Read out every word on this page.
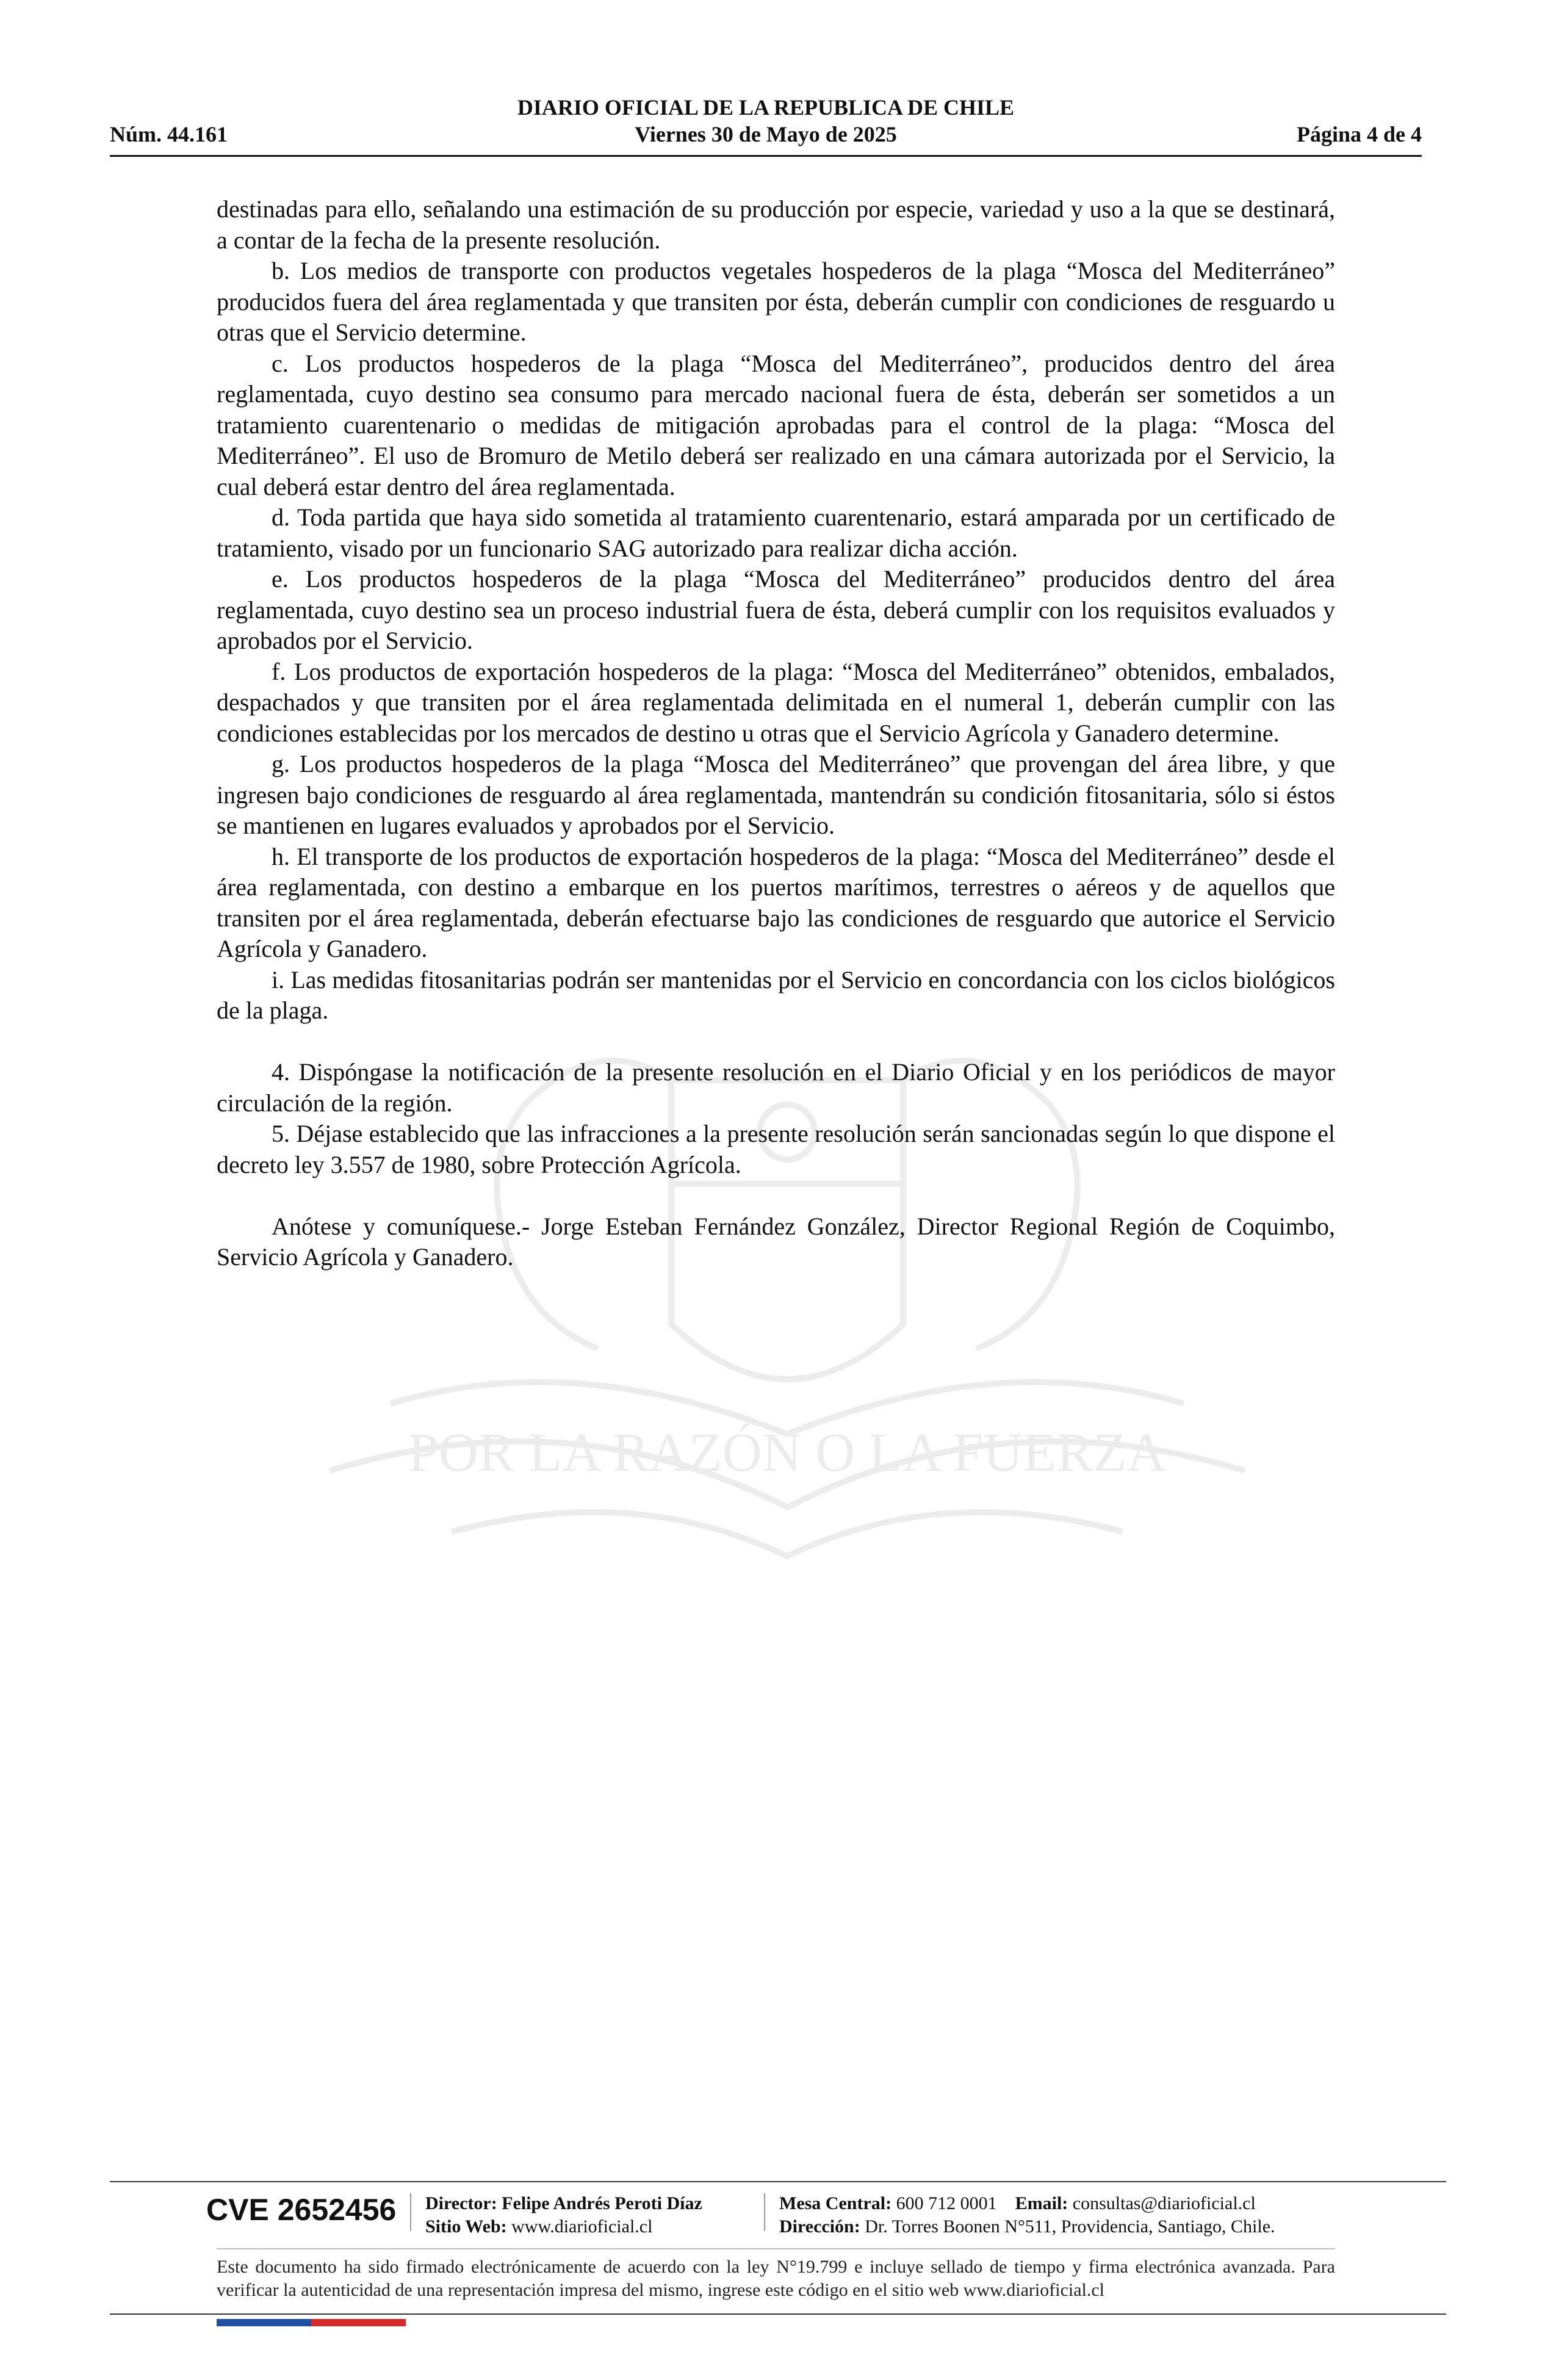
POR LA RAZÓN O LA FUERZA
DIARIO OFICIAL DE LA REPUBLICA DE CHILE
Núm. 44.161	Viernes 30 de Mayo de 2025	Página 4 de 4

destinadas para ello, señalando una estimación de su producción por especie, variedad y uso a la que se destinará, a contar de la fecha de la presente resolución.

b. Los medios de transporte con productos vegetales hospederos de la plaga “Mosca del Mediterráneo” producidos fuera del área reglamentada y que transiten por ésta, deberán cumplir con condiciones de resguardo u otras que el Servicio determine.

c. Los productos hospederos de la plaga “Mosca del Mediterráneo”, producidos dentro del área reglamentada, cuyo destino sea consumo para mercado nacional fuera de ésta, deberán ser sometidos a un tratamiento cuarentenario o medidas de mitigación aprobadas para el control de la plaga: “Mosca del Mediterráneo”. El uso de Bromuro de Metilo deberá ser realizado en una cámara autorizada por el Servicio, la cual deberá estar dentro del área reglamentada.

d. Toda partida que haya sido sometida al tratamiento cuarentenario, estará amparada por un certificado de tratamiento, visado por un funcionario SAG autorizado para realizar dicha acción.

e. Los productos hospederos de la plaga “Mosca del Mediterráneo” producidos dentro del área reglamentada, cuyo destino sea un proceso industrial fuera de ésta, deberá cumplir con los requisitos evaluados y aprobados por el Servicio.

f. Los productos de exportación hospederos de la plaga: “Mosca del Mediterráneo” obtenidos, embalados, despachados y que transiten por el área reglamentada delimitada en el numeral 1, deberán cumplir con las condiciones establecidas por los mercados de destino u otras que el Servicio Agrícola y Ganadero determine.

g. Los productos hospederos de la plaga “Mosca del Mediterráneo” que provengan del área libre, y que ingresen bajo condiciones de resguardo al área reglamentada, mantendrán su condición fitosanitaria, sólo si éstos se mantienen en lugares evaluados y aprobados por el Servicio.

h. El transporte de los productos de exportación hospederos de la plaga: “Mosca del Mediterráneo” desde el área reglamentada, con destino a embarque en los puertos marítimos, terrestres o aéreos y de aquellos que transiten por el área reglamentada, deberán efectuarse bajo las condiciones de resguardo que autorice el Servicio Agrícola y Ganadero.

i. Las medidas fitosanitarias podrán ser mantenidas por el Servicio en concordancia con los ciclos biológicos de la plaga.

4. Dispóngase la notificación de la presente resolución en el Diario Oficial y en los periódicos de mayor circulación de la región.

5. Déjase establecido que las infracciones a la presente resolución serán sancionadas según lo que dispone el decreto ley 3.557 de 1980, sobre Protección Agrícola.

Anótese y comuníquese.- Jorge Esteban Fernández González, Director Regional Región de Coquimbo, Servicio Agrícola y Ganadero.

CVE 2652456 Director: Felipe Andrés Peroti Díaz
Sitio Web: www.diarioficial.cl
Mesa Central: 600 712 0001 Email: consultas@diarioficial.cl
Dirección: Dr. Torres Boonen N°511, Providencia, Santiago, Chile.
Este documento ha sido firmado electrónicamente de acuerdo con la ley N°19.799 e incluye sellado de tiempo y firma electrónica avanzada. Para verificar la autenticidad de una representación impresa del mismo, ingrese este código en el sitio web www.diarioficial.cl
